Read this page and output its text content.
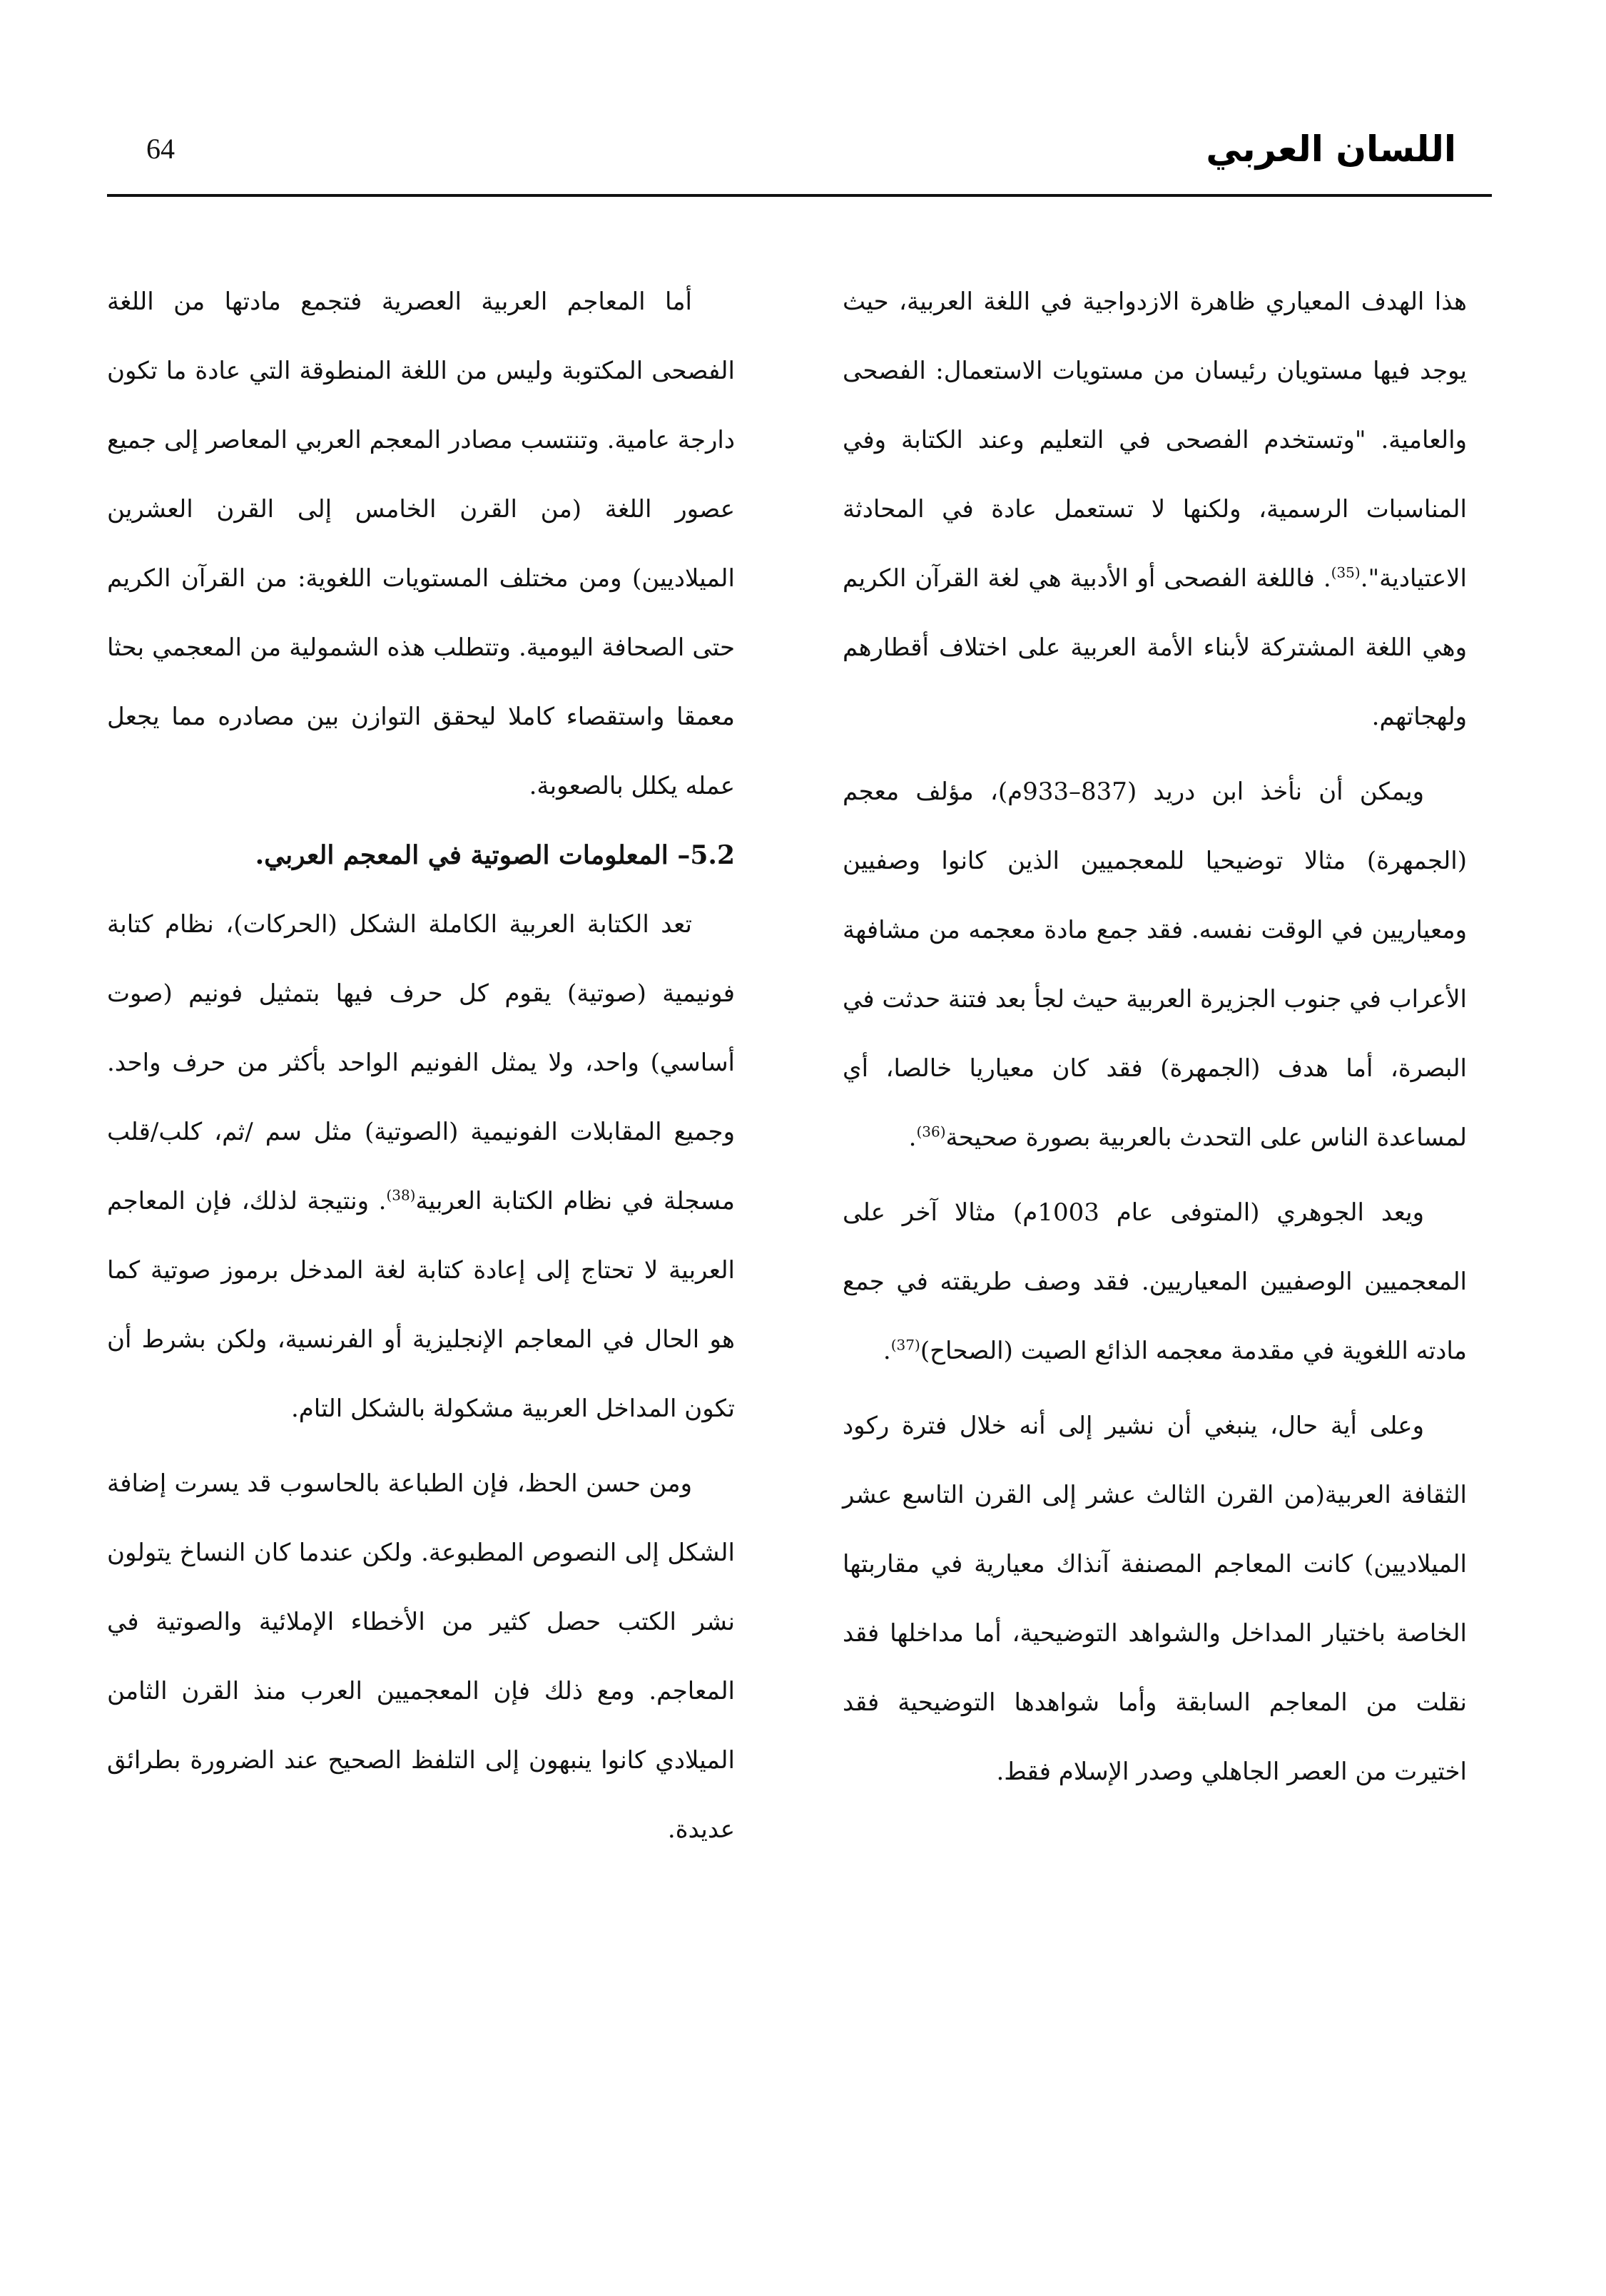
64	اللسان العربي

هذا الهدف المعياري ظاهرة الازدواجية في اللغة العربية، حيث يوجد فيها مستويان رئيسان من مستويات الاستعمال: الفصحى والعامية. "وتستخدم الفصحى في التعليم وعند الكتابة وفي المناسبات الرسمية، ولكنها لا تستعمل عادة في المحادثة الاعتيادية".$^{(35)}$. فاللغة الفصحى أو الأدبية هي لغة القرآن الكريم وهي اللغة المشتركة لأبناء الأمة العربية على اختلاف أقطارهم ولهجاتهم.

ويمكن أن نأخذ ابن دريد (837–933م)، مؤلف معجم (الجمهرة) مثالا توضيحيا للمعجميين الذين كانوا وصفيين ومعياريين في الوقت نفسه. فقد جمع مادة معجمه من مشافهة الأعراب في جنوب الجزيرة العربية حيث لجأ بعد فتنة حدثت في البصرة، أما هدف (الجمهرة) فقد كان معياريا خالصا، أي لمساعدة الناس على التحدث بالعربية بصورة صحيحة$^{(36)}$.

ويعد الجوهري (المتوفى عام 1003م) مثالا آخر على المعجميين الوصفيين المعياريين. فقد وصف طريقته في جمع مادته اللغوية في مقدمة معجمه الذائع الصيت (الصحاح)$^{(37)}$.

وعلى أية حال، ينبغي أن نشير إلى أنه خلال فترة ركود الثقافة العربية(من القرن الثالث عشر إلى القرن التاسع عشر الميلاديين) كانت المعاجم المصنفة آنذاك معيارية في مقاربتها الخاصة باختيار المداخل والشواهد التوضيحية، أما مداخلها فقد نقلت من المعاجم السابقة وأما شواهدها التوضيحية فقد اختيرت من العصر الجاهلي وصدر الإسلام فقط.

أما المعاجم العربية العصرية فتجمع مادتها من اللغة الفصحى المكتوبة وليس من اللغة المنطوقة التي عادة ما تكون دارجة عامية. وتنتسب مصادر المعجم العربي المعاصر إلى جميع عصور اللغة (من القرن الخامس إلى القرن العشرين الميلاديين) ومن مختلف المستويات اللغوية: من القرآن الكريم حتى الصحافة اليومية. وتتطلب هذه الشمولية من المعجمي بحثا معمقا واستقصاء كاملا ليحقق التوازن بين مصادره مما يجعل عمله يكلل بالصعوبة.

5.2– المعلومات الصوتية في المعجم العربي.

تعد الكتابة العربية الكاملة الشكل (الحركات)، نظام كتابة فونيمية (صوتية) يقوم كل حرف فيها بتمثيل فونيم (صوت أساسي) واحد، ولا يمثل الفونيم الواحد بأكثر من حرف واحد. وجميع المقابلات الفونيمية (الصوتية) مثل سم /ثم، كلب/قلب مسجلة في نظام الكتابة العربية$^{(38)}$. ونتيجة لذلك، فإن المعاجم العربية لا تحتاج إلى إعادة كتابة لغة المدخل برموز صوتية كما هو الحال في المعاجم الإنجليزية أو الفرنسية، ولكن بشرط أن تكون المداخل العربية مشكولة بالشكل التام.

ومن حسن الحظ، فإن الطباعة بالحاسوب قد يسرت إضافة الشكل إلى النصوص المطبوعة. ولكن عندما كان النساخ يتولون نشر الكتب حصل كثير من الأخطاء الإملائية والصوتية في المعاجم. ومع ذلك فإن المعجميين العرب منذ القرن الثامن الميلادي كانوا ينبهون إلى التلفظ الصحيح عند الضرورة بطرائق عديدة.
